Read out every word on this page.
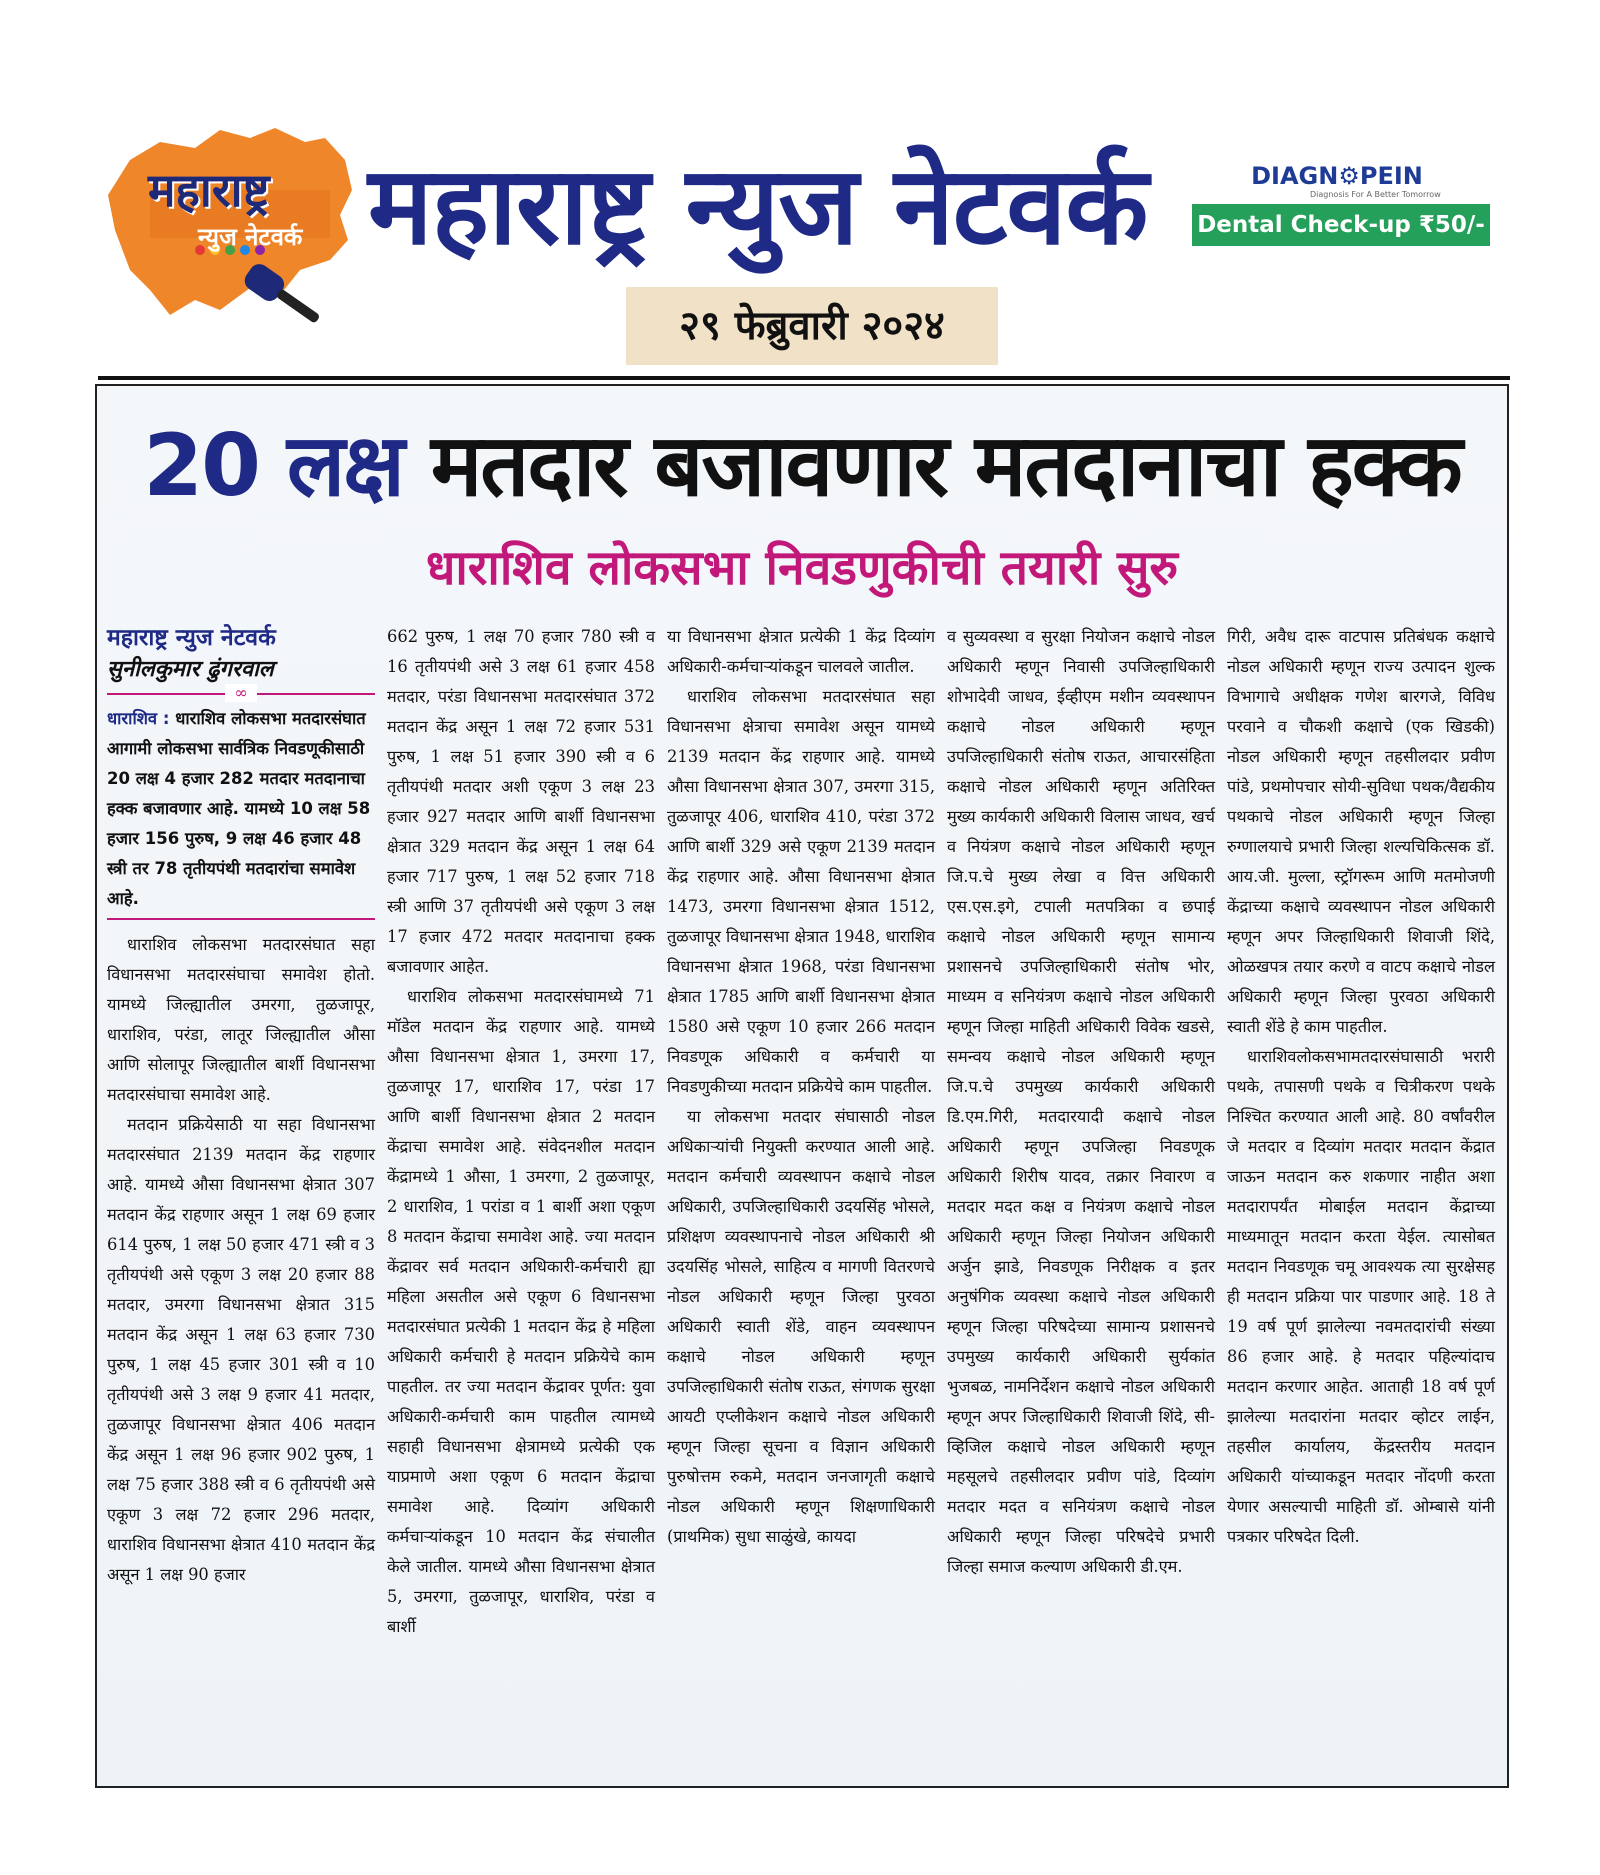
महाराष्ट्र
न्युज नेटवर्क महाराष्ट्र न्युज नेटवर्क	DIAGN⚙PEIN
Diagnosis For A Better Tomorrow
Dental Check-up ₹50/-
२९ फेब्रुवारी २०२४
20 लक्ष मतदार बजावणार मतदानाचा हक्क
धाराशिव लोकसभा निवडणुकीची तयारी सुरु
महाराष्ट्र न्युज नेटवर्क
सुनीलकुमार ढुंगरवाल
∞
धाराशिव : धाराशिव लोकसभा मतदारसंघात आगामी लोकसभा सार्वत्रिक निवडणूकीसाठी 20 लक्ष 4 हजार 282 मतदार मतदानाचा हक्क बजावणार आहे. यामध्ये 10 लक्ष 58 हजार 156 पुरुष, 9 लक्ष 46 हजार 48 स्त्री तर 78 तृतीयपंथी मतदारांचा समावेश आहे.

धाराशिव लोकसभा मतदारसंघात सहा विधानसभा मतदारसंघाचा समावेश होतो. यामध्ये जिल्ह्यातील उमरगा, तुळजापूर, धाराशिव, परंडा, लातूर जिल्ह्यातील औसा आणि सोलापूर जिल्ह्यातील बार्शी विधानसभा मतदारसंघाचा समावेश आहे.

मतदान प्रक्रियेसाठी या सहा विधानसभा मतदारसंघात 2139 मतदान केंद्र राहणार आहे. यामध्ये औसा विधानसभा क्षेत्रात 307 मतदान केंद्र राहणार असून 1 लक्ष 69 हजार 614 पुरुष, 1 लक्ष 50 हजार 471 स्त्री व 3 तृतीयपंथी असे एकूण 3 लक्ष 20 हजार 88 मतदार, उमरगा विधानसभा क्षेत्रात 315 मतदान केंद्र असून 1 लक्ष 63 हजार 730 पुरुष, 1 लक्ष 45 हजार 301 स्त्री व 10 तृतीयपंथी असे 3 लक्ष 9 हजार 41 मतदार, तुळजापूर विधानसभा क्षेत्रात 406 मतदान केंद्र असून 1 लक्ष 96 हजार 902 पुरुष, 1 लक्ष 75 हजार 388 स्त्री व 6 तृतीयपंथी असे एकूण 3 लक्ष 72 हजार 296 मतदार, धाराशिव विधानसभा क्षेत्रात 410 मतदान केंद्र असून 1 लक्ष 90 हजार

662 पुरुष, 1 लक्ष 70 हजार 780 स्त्री व 16 तृतीयपंथी असे 3 लक्ष 61 हजार 458 मतदार, परंडा विधानसभा मतदारसंघात 372 मतदान केंद्र असून 1 लक्ष 72 हजार 531 पुरुष, 1 लक्ष 51 हजार 390 स्त्री व 6 तृतीयपंथी मतदार अशी एकूण 3 लक्ष 23 हजार 927 मतदार आणि बार्शी विधानसभा क्षेत्रात 329 मतदान केंद्र असून 1 लक्ष 64 हजार 717 पुरुष, 1 लक्ष 52 हजार 718 स्त्री आणि 37 तृतीयपंथी असे एकूण 3 लक्ष 17 हजार 472 मतदार मतदानाचा हक्क बजावणार आहेत.

धाराशिव लोकसभा मतदारसंघामध्ये 71 मॉडेल मतदान केंद्र राहणार आहे. यामध्ये औसा विधानसभा क्षेत्रात 1, उमरगा 17, तुळजापूर 17, धाराशिव 17, परंडा 17 आणि बार्शी विधानसभा क्षेत्रात 2 मतदान केंद्राचा समावेश आहे. संवेदनशील मतदान केंद्रामध्ये 1 औसा, 1 उमरगा, 2 तुळजापूर, 2 धाराशिव, 1 परांडा व 1 बार्शी अशा एकूण 8 मतदान केंद्राचा समावेश आहे. ज्या मतदान केंद्रावर सर्व मतदान अधिकारी-कर्मचारी ह्या महिला असतील असे एकूण 6 विधानसभा मतदारसंघात प्रत्येकी 1 मतदान केंद्र हे महिला अधिकारी कर्मचारी हे मतदान प्रक्रियेचे काम पाहतील. तर ज्या मतदान केंद्रावर पूर्णत: युवा अधिकारी-कर्मचारी काम पाहतील त्यामध्ये सहाही विधानसभा क्षेत्रामध्ये प्रत्येकी एक याप्रमाणे अशा एकूण 6 मतदान केंद्राचा समावेश आहे. दिव्यांग अधिकारी कर्मचाऱ्यांकडून 10 मतदान केंद्र संचालीत केले जातील. यामध्ये औसा विधानसभा क्षेत्रात 5, उमरगा, तुळजापूर, धाराशिव, परंडा व बार्शी

या विधानसभा क्षेत्रात प्रत्येकी 1 केंद्र दिव्यांग अधिकारी-कर्मचाऱ्यांकडून चालवले जातील.

धाराशिव लोकसभा मतदारसंघात सहा विधानसभा क्षेत्राचा समावेश असून यामध्ये 2139 मतदान केंद्र राहणार आहे. यामध्ये औसा विधानसभा क्षेत्रात 307, उमरगा 315, तुळजापूर 406, धाराशिव 410, परंडा 372 आणि बार्शी 329 असे एकूण 2139 मतदान केंद्र राहणार आहे. औसा विधानसभा क्षेत्रात 1473, उमरगा विधानसभा क्षेत्रात 1512, तुळजापूर विधानसभा क्षेत्रात 1948, धाराशिव विधानसभा क्षेत्रात 1968, परंडा विधानसभा क्षेत्रात 1785 आणि बार्शी विधानसभा क्षेत्रात 1580 असे एकूण 10 हजार 266 मतदान निवडणूक अधिकारी व कर्मचारी या निवडणुकीच्या मतदान प्रक्रियेचे काम पाहतील.

या लोकसभा मतदार संघासाठी नोडल अधिकाऱ्यांची नियुक्ती करण्यात आली आहे. मतदान कर्मचारी व्यवस्थापन कक्षाचे नोडल अधिकारी, उपजिल्हाधिकारी उदयसिंह भोसले, प्रशिक्षण व्यवस्थापनाचे नोडल अधिकारी श्री उदयसिंह भोसले, साहित्य व मागणी वितरणचे नोडल अधिकारी म्हणून जिल्हा पुरवठा अधिकारी स्वाती शेंडे, वाहन व्यवस्थापन कक्षाचे नोडल अधिकारी म्हणून उपजिल्हाधिकारी संतोष राऊत, संगणक सुरक्षा आयटी एप्लीकेशन कक्षाचे नोडल अधिकारी म्हणून जिल्हा सूचना व विज्ञान अधिकारी पुरुषोत्तम रुकमे, मतदान जनजागृती कक्षाचे नोडल अधिकारी म्हणून शिक्षणाधिकारी (प्राथमिक) सुधा साळुंखे, कायदा

व सुव्यवस्था व सुरक्षा नियोजन कक्षाचे नोडल अधिकारी म्हणून निवासी उपजिल्हाधिकारी शोभादेवी जाधव, ईव्हीएम मशीन व्यवस्थापन कक्षाचे नोडल अधिकारी म्हणून उपजिल्हाधिकारी संतोष राऊत, आचारसंहिता कक्षाचे नोडल अधिकारी म्हणून अतिरिक्त मुख्य कार्यकारी अधिकारी विलास जाधव, खर्च व नियंत्रण कक्षाचे नोडल अधिकारी म्हणून जि.प.चे मुख्य लेखा व वित्त अधिकारी एस.एस.इगे, टपाली मतपत्रिका व छपाई कक्षाचे नोडल अधिकारी म्हणून सामान्य प्रशासनचे उपजिल्हाधिकारी संतोष भोर, माध्यम व सनियंत्रण कक्षाचे नोडल अधिकारी म्हणून जिल्हा माहिती अधिकारी विवेक खडसे, समन्वय कक्षाचे नोडल अधिकारी म्हणून जि.प.चे उपमुख्य कार्यकारी अधिकारी डि.एम.गिरी, मतदारयादी कक्षाचे नोडल अधिकारी म्हणून उपजिल्हा निवडणूक अधिकारी शिरीष यादव, तक्रार निवारण व मतदार मदत कक्ष व नियंत्रण कक्षाचे नोडल अधिकारी म्हणून जिल्हा नियोजन अधिकारी अर्जुन झाडे, निवडणूक निरीक्षक व इतर अनुषंगिक व्यवस्था कक्षाचे नोडल अधिकारी म्हणून जिल्हा परिषदेच्या सामान्य प्रशासनचे उपमुख्य कार्यकारी अधिकारी सुर्यकांत भुजबळ, नामनिर्देशन कक्षाचे नोडल अधिकारी म्हणून अपर जिल्हाधिकारी शिवाजी शिंदे, सी-व्हिजिल कक्षाचे नोडल अधिकारी म्हणून महसूलचे तहसीलदार प्रवीण पांडे, दिव्यांग मतदार मदत व सनियंत्रण कक्षाचे नोडल अधिकारी म्हणून जिल्हा परिषदेचे प्रभारी जिल्हा समाज कल्याण अधिकारी डी.एम.

गिरी, अवैध दारू वाटपास प्रतिबंधक कक्षाचे नोडल अधिकारी म्हणून राज्य उत्पादन शुल्क विभागाचे अधीक्षक गणेश बारगजे, विविध परवाने व चौकशी कक्षाचे (एक खिडकी) नोडल अधिकारी म्हणून तहसीलदार प्रवीण पांडे, प्रथमोपचार सोयी-सुविधा पथक/वैद्यकीय पथकाचे नोडल अधिकारी म्हणून जिल्हा रुग्णालयाचे प्रभारी जिल्हा शल्यचिकित्सक डॉ. आय.जी. मुल्ला, स्ट्रॉगरूम आणि मतमोजणी केंद्राच्या कक्षाचे व्यवस्थापन नोडल अधिकारी म्हणून अपर जिल्हाधिकारी शिवाजी शिंदे, ओळखपत्र तयार करणे व वाटप कक्षाचे नोडल अधिकारी म्हणून जिल्हा पुरवठा अधिकारी स्वाती शेंडे हे काम पाहतील.

धाराशिवलोकसभामतदारसंघासाठी भरारी पथके, तपासणी पथके व चित्रीकरण पथके निश्चित करण्यात आली आहे. 80 वर्षांवरील जे मतदार व दिव्यांग मतदार मतदान केंद्रात जाऊन मतदान करु शकणार नाहीत अशा मतदारापर्यंत मोबाईल मतदान केंद्राच्या माध्यमातून मतदान करता येईल. त्यासोबत मतदान निवडणूक चमू आवश्यक त्या सुरक्षेसह ही मतदान प्रक्रिया पार पाडणार आहे. 18 ते 19 वर्ष पूर्ण झालेल्या नवमतदारांची संख्या 86 हजार आहे. हे मतदार पहिल्यांदाच मतदान करणार आहेत. आताही 18 वर्ष पूर्ण झालेल्या मतदारांना मतदार व्होटर लाईन, तहसील कार्यालय, केंद्रस्तरीय मतदान अधिकारी यांच्याकडून मतदार नोंदणी करता येणार असल्याची माहिती डॉ. ओम्बासे यांनी पत्रकार परिषदेत दिली.
